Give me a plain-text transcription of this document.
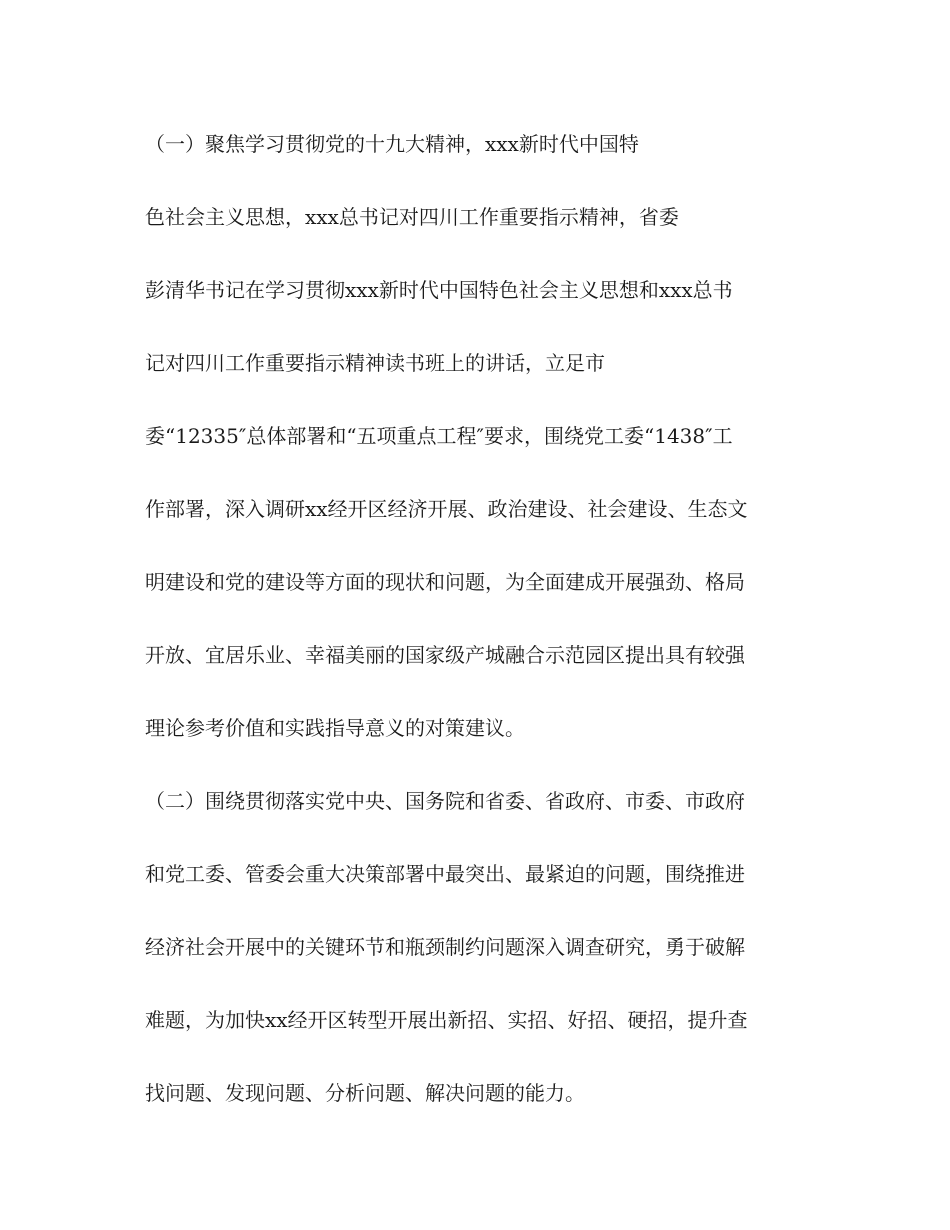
（一）聚焦学习贯彻党的十九大精神，xxx新时代中国特
色社会主义思想，xxx总书记对四川工作重要指示精神，省委
彭清华书记在学习贯彻xxx新时代中国特色社会主义思想和xxx总书
记对四川工作重要指示精神读书班上的讲话，立足市
委“12335″总体部署和“五项重点工程″要求，围绕党工委“1438″工
作部署，深入调研xx经开区经济开展、政治建设、社会建设、生态文
明建设和党的建设等方面的现状和问题，为全面建成开展强劲、格局
开放、宜居乐业、幸福美丽的国家级产城融合示范园区提出具有较强
理论参考价值和实践指导意义的对策建议。
（二）围绕贯彻落实党中央、国务院和省委、省政府、市委、市政府
和党工委、管委会重大决策部署中最突出、最紧迫的问题，围绕推进
经济社会开展中的关键环节和瓶颈制约问题深入调查研究，勇于破解
难题，为加快xx经开区转型开展出新招、实招、好招、硬招，提升查
找问题、发现问题、分析问题、解决问题的能力。
